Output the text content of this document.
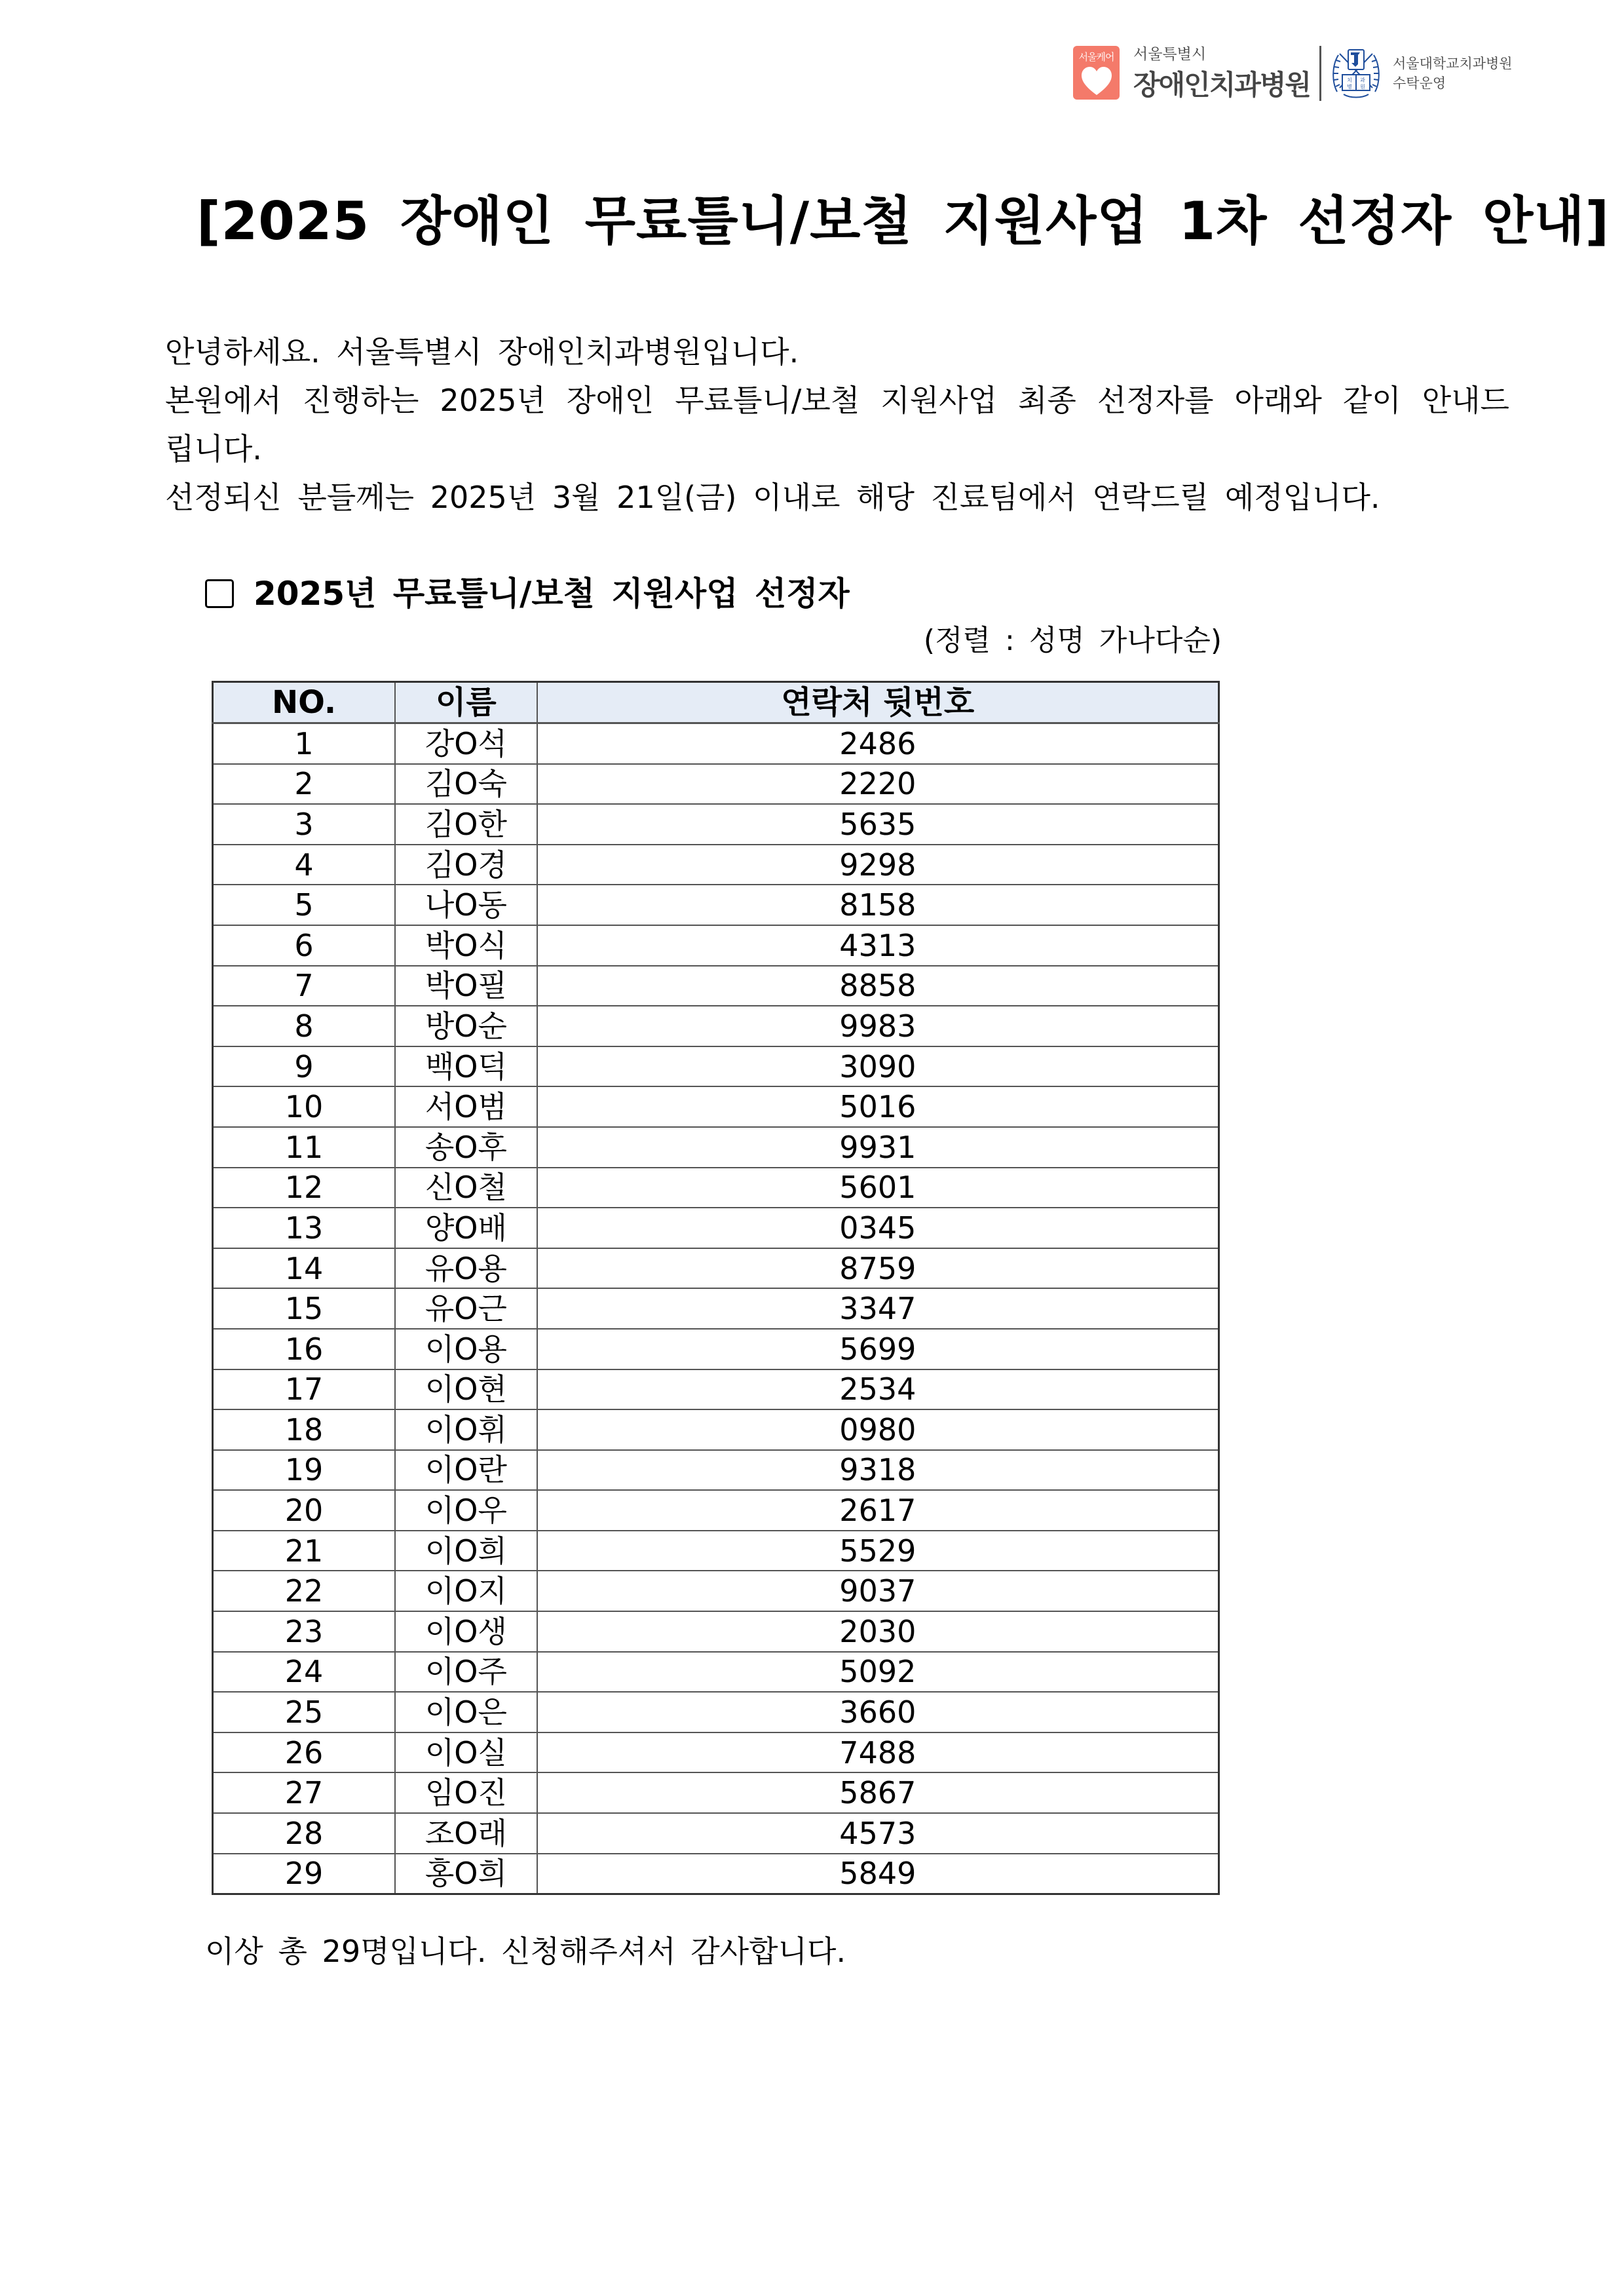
서울케어 서울특별시
장애인치과병원	치 과
병 원
서울대학교치과병원
수탁운영
[2025 장애인 무료틀니/보철 지원사업 1차 선정자 안내]

안녕하세요. 서울특별시 장애인치과병원입니다.

본원에서 진행하는 2025년 장애인 무료틀니/보철 지원사업 최종 선정자를 아래와 같이 안내드

립니다.

선정되신 분들께는 2025년 3월 21일(금) 이내로 해당 진료팀에서 연락드릴 예정입니다.

2025년 무료틀니/보철 지원사업 선정자
(정렬 : 성명 가나다순)
NO.	이름	연락처 뒷번호
1	강O석	2486
2	김O숙	2220
3	김O한	5635
4	김O경	9298
5	나O동	8158
6	박O식	4313
7	박O필	8858
8	방O순	9983
9	백O덕	3090
10	서O범	5016
11	송O후	9931
12	신O철	5601
13	양O배	0345
14	유O용	8759
15	유O근	3347
16	이O용	5699
17	이O현	2534
18	이O휘	0980
19	이O란	9318
20	이O우	2617
21	이O희	5529
22	이O지	9037
23	이O생	2030
24	이O주	5092
25	이O은	3660
26	이O실	7488
27	임O진	5867
28	조O래	4573
29	홍O희	5849
이상 총 29명입니다. 신청해주셔서 감사합니다.
